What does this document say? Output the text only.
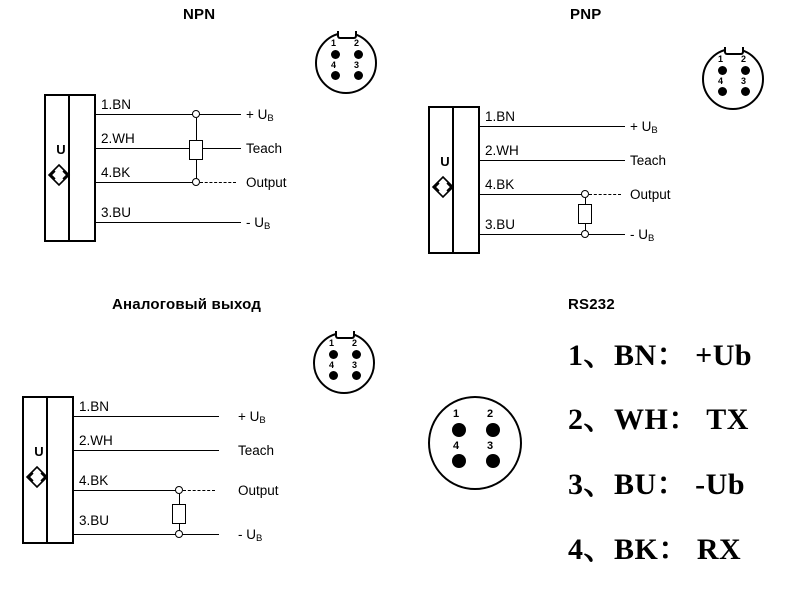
NPN
U
1.BN
2.WH
4.BK
3.BU
+ $U_B$
Teach
Output
- $U_B$
1 2
4 3
PNP
U
1.BN
2.WH
4.BK
3.BU
+ $U_B$
Teach
Output
- $U_B$
1 2
4 3
Аналоговый выход
U
1.BN
2.WH
4.BK
3.BU
+ $U_B$
Teach
Output
- $U_B$
1 2
4 3
RS232
1	2
4	3
1、BN： +Ub
2、WH： TX
3、BU： -Ub
4、BK： RX
